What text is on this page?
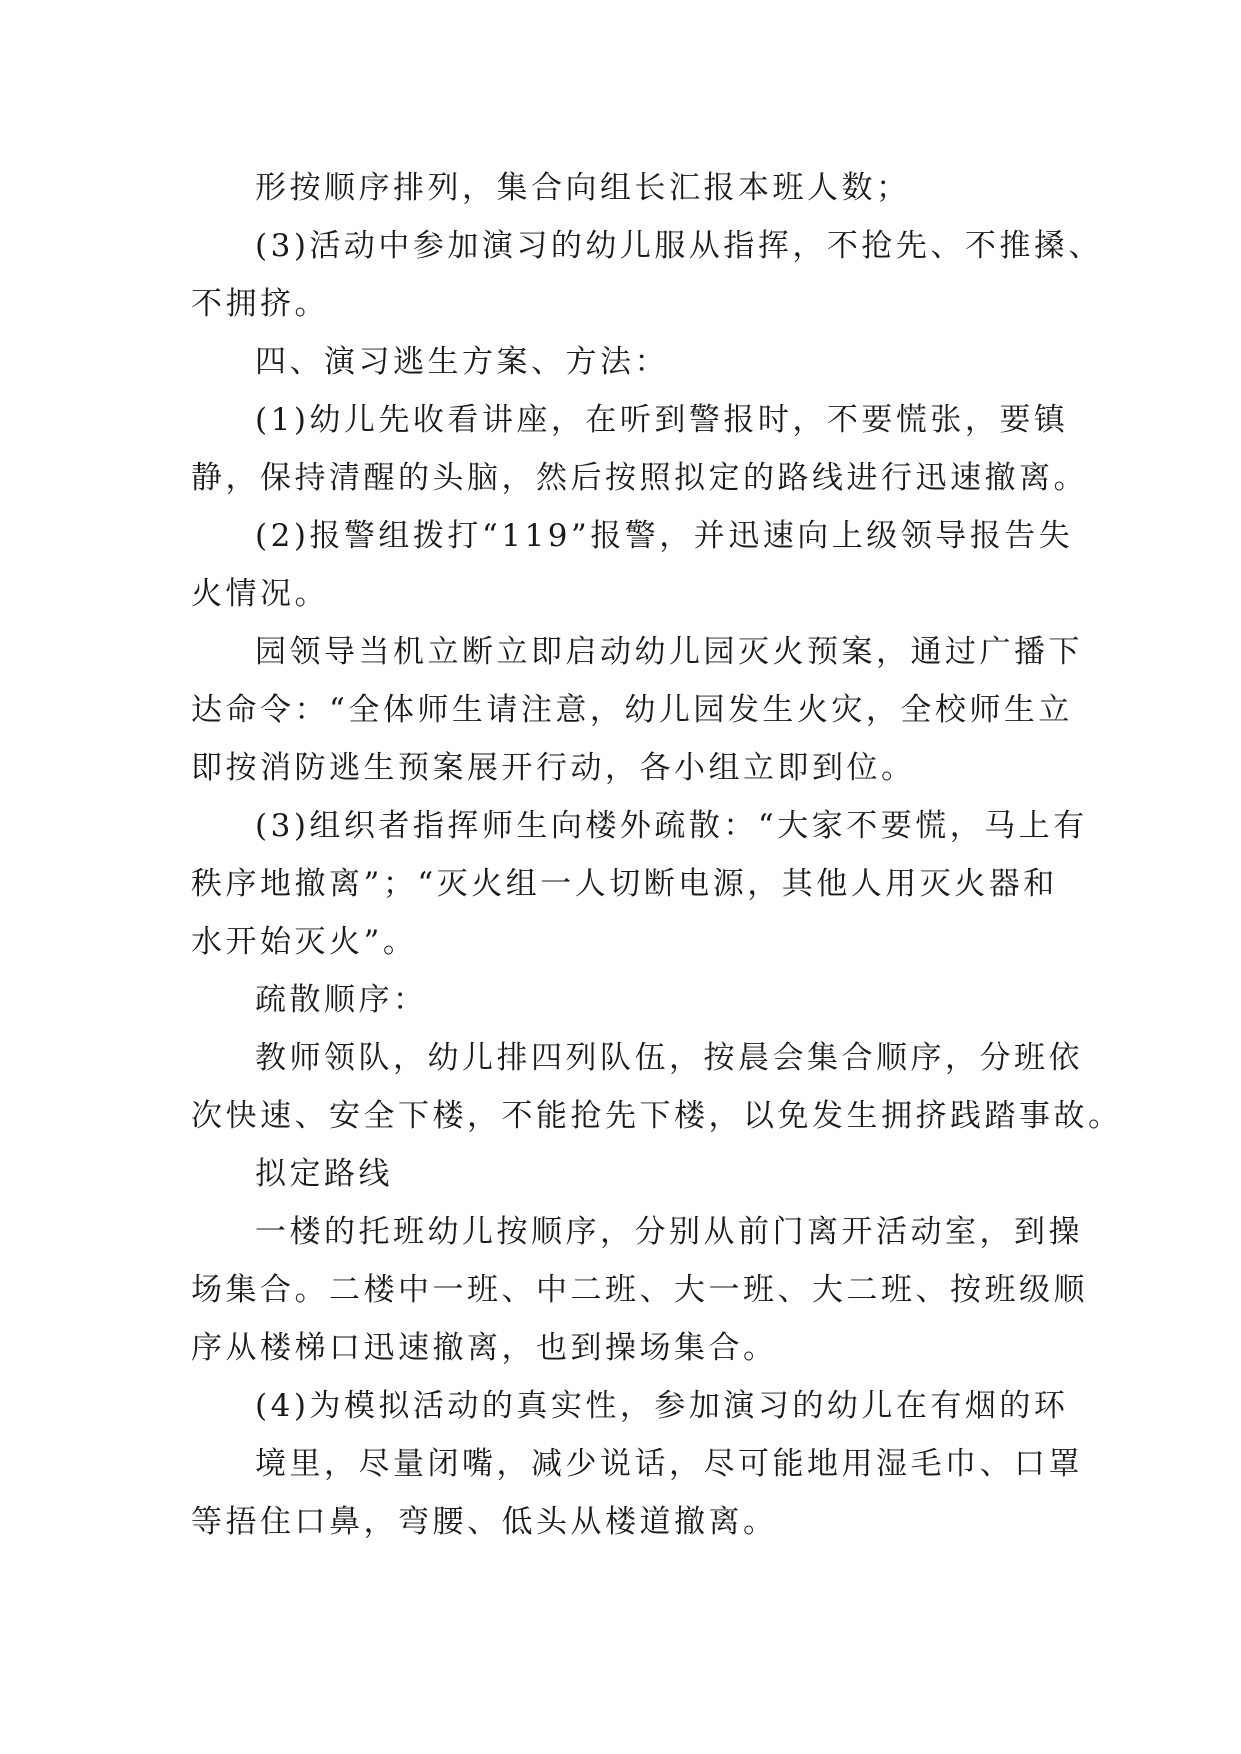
形按顺序排列，集合向组长汇报本班人数；
(3)活动中参加演习的幼儿服从指挥，不抢先、不推搡、
不拥挤。
四、演习逃生方案、方法：
(1)幼儿先收看讲座，在听到警报时，不要慌张，要镇
静，保持清醒的头脑，然后按照拟定的路线进行迅速撤离。
(2)报警组拨打“119”报警，并迅速向上级领导报告失
火情况。
园领导当机立断立即启动幼儿园灭火预案，通过广播下
达命令：“全体师生请注意，幼儿园发生火灾，全校师生立
即按消防逃生预案展开行动，各小组立即到位。
(3)组织者指挥师生向楼外疏散：“大家不要慌，马上有
秩序地撤离”；“灭火组一人切断电源，其他人用灭火器和
水开始灭火”。
疏散顺序：
教师领队，幼儿排四列队伍，按晨会集合顺序，分班依
次快速、安全下楼，不能抢先下楼，以免发生拥挤践踏事故。
拟定路线
一楼的托班幼儿按顺序，分别从前门离开活动室，到操
场集合。二楼中一班、中二班、大一班、大二班、按班级顺
序从楼梯口迅速撤离，也到操场集合。
(4)为模拟活动的真实性，参加演习的幼儿在有烟的环
境里，尽量闭嘴，减少说话，尽可能地用湿毛巾、口罩
等捂住口鼻，弯腰、低头从楼道撤离。
